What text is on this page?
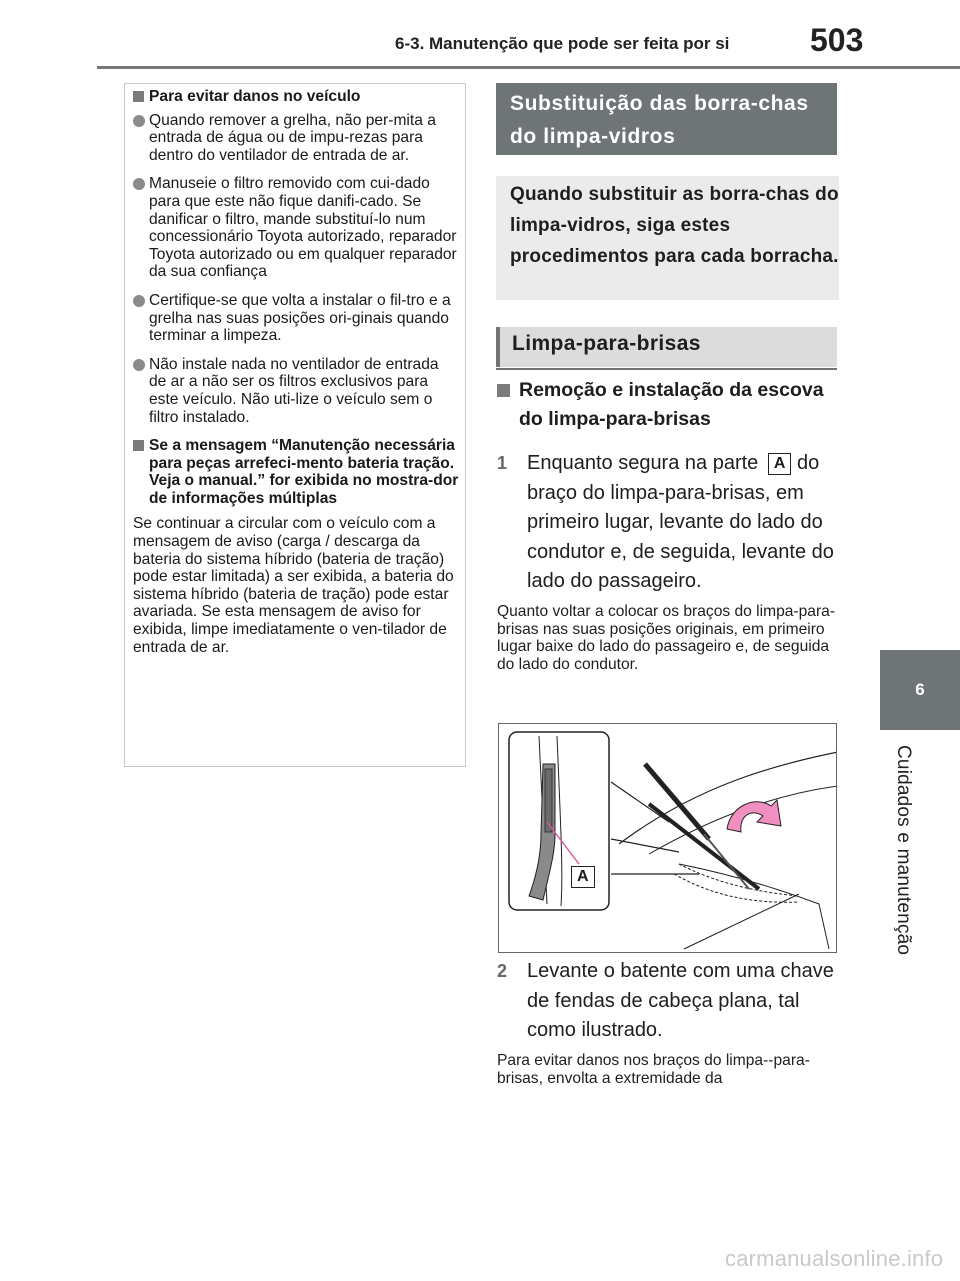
6-3. Manutenção que pode ser feita por si	503
6
Cuidados e manutenção
Para evitar danos no veículo
Quando remover a grelha, não per-mita a entrada de água ou de impu-rezas para dentro do ventilador de entrada de ar.
Manuseie o filtro removido com cui-dado para que este não fique danifi-cado. Se danificar o filtro, mande substituí-lo num concessionário Toyota autorizado, reparador Toyota autorizado ou em qualquer reparador da sua confiança
Certifique-se que volta a instalar o fil-tro e a grelha nas suas posições ori-ginais quando terminar a limpeza.
Não instale nada no ventilador de entrada de ar a não ser os filtros exclusivos para este veículo. Não uti-lize o veículo sem o filtro instalado.
Se a mensagem “Manutenção necessária para peças arrefeci-mento bateria tração. Veja o manual.” for exibida no mostra-dor de informações múltiplas
Se continuar a circular com o veículo com a mensagem de aviso (carga / descarga da bateria do sistema híbrido (bateria de tração) pode estar limitada) a ser exibida, a bateria do sistema híbrido (bateria de tração) pode estar avariada. Se esta mensagem de aviso for exibida, limpe imediatamente o ven-tilador de entrada de ar.
Substituição das borra-chas do limpa-vidros
Quando substituir as borra-chas do limpa-vidros, siga estes procedimentos para cada borracha.
Limpa-para-brisas
Remoção e instalação da escova do limpa-para-brisas
1 Enquanto segura na parte A do braço do limpa-para-brisas, em primeiro lugar, levante do lado do condutor e, de seguida, levante do lado do passageiro.
Quanto voltar a colocar os braços do limpa-para-brisas nas suas posições originais, em primeiro lugar baixe do lado do passageiro e, de seguida do lado do condutor.
A
2 Levante o batente com uma chave de fendas de cabeça plana, tal como ilustrado.
Para evitar danos nos braços do limpa--para-brisas, envolta a extremidade da
carmanualsonline.info
